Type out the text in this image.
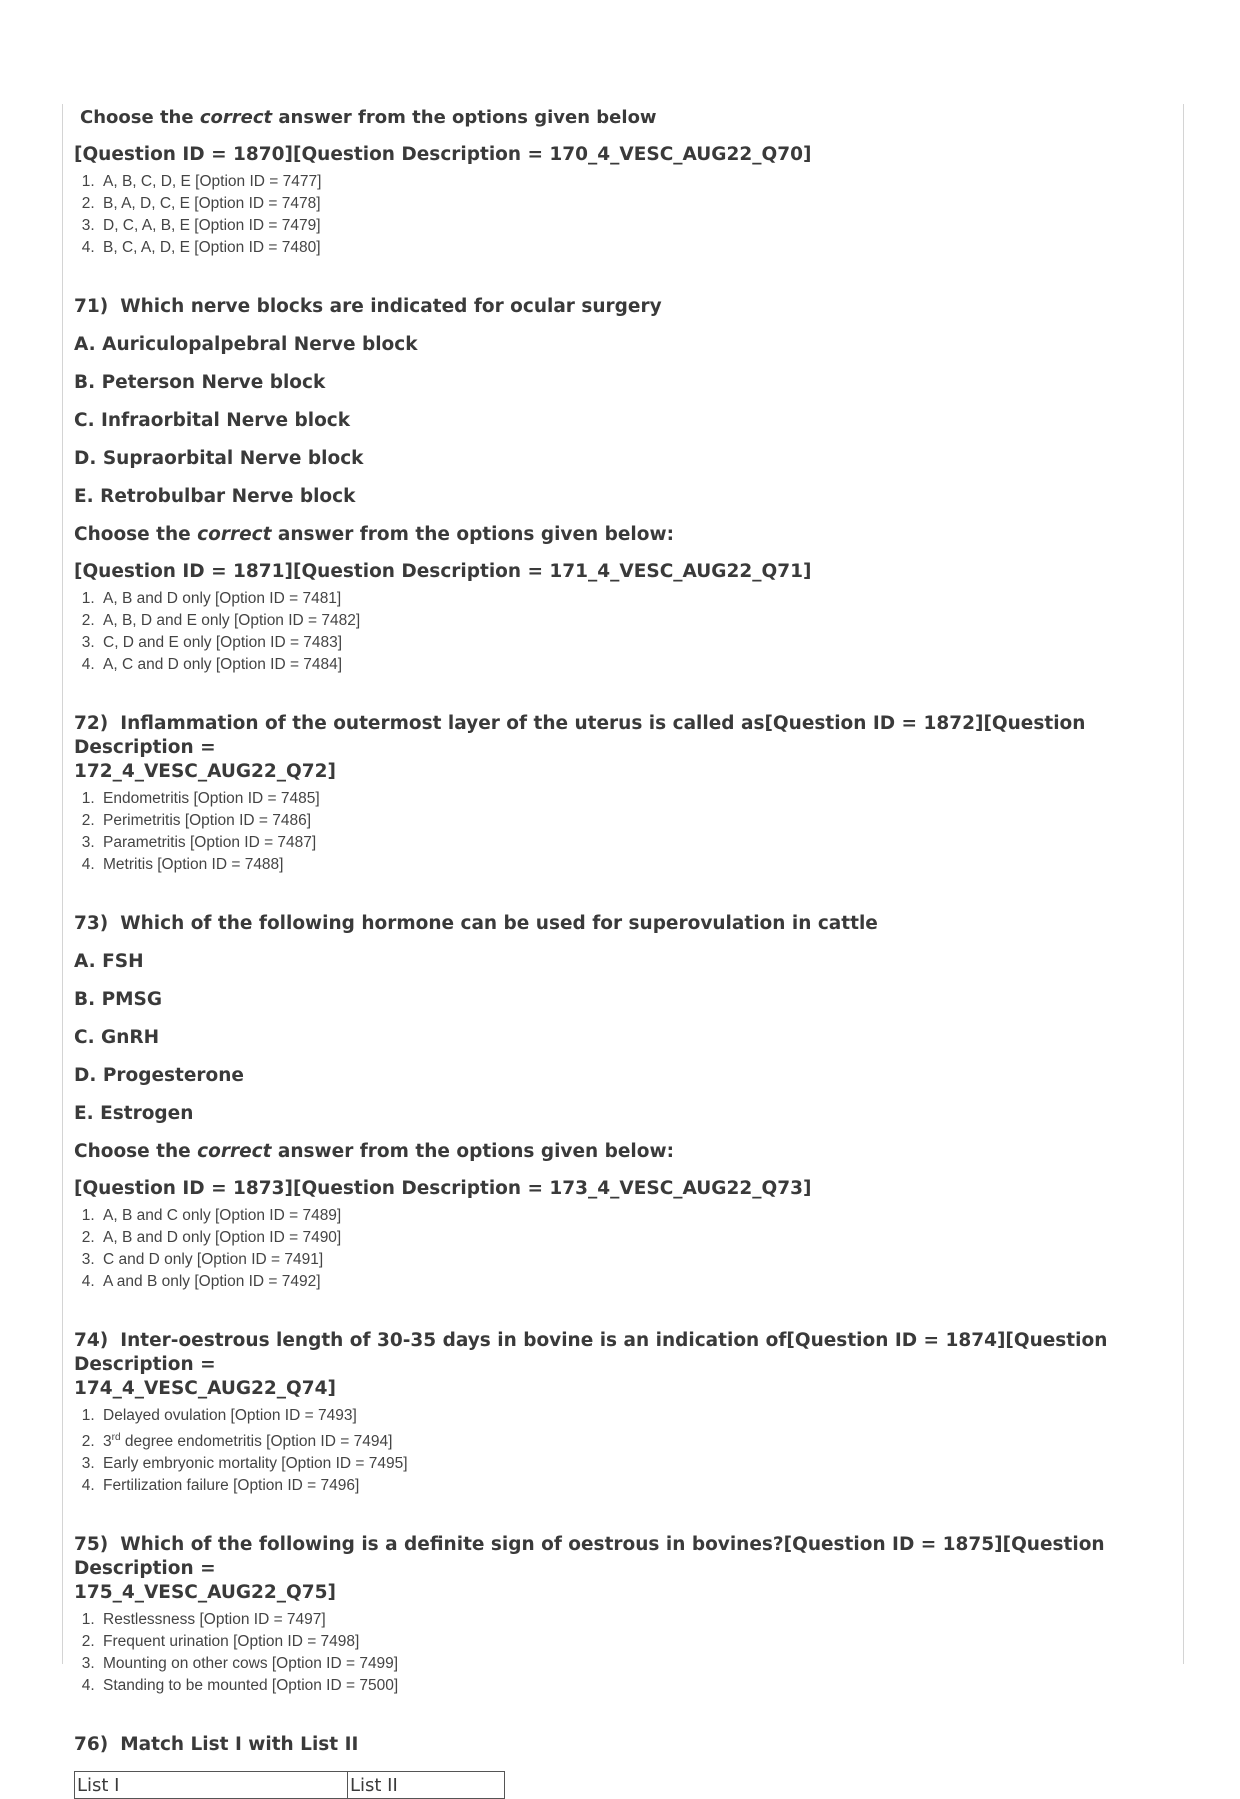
Choose the correct answer from the options given below
[Question ID = 1870][Question Description = 170_4_VESC_AUG22_Q70]
1. A, B, C, D, E [Option ID = 7477]
2. B, A, D, C, E [Option ID = 7478]
3. D, C, A, B, E [Option ID = 7479]
4. B, C, A, D, E [Option ID = 7480]
71) Which nerve blocks are indicated for ocular surgery
A. Auriculopalpebral Nerve block
B. Peterson Nerve block
C. Infraorbital Nerve block
D. Supraorbital Nerve block
E. Retrobulbar Nerve block
Choose the correct answer from the options given below:
[Question ID = 1871][Question Description = 171_4_VESC_AUG22_Q71]
1. A, B and D only [Option ID = 7481]
2. A, B, D and E only [Option ID = 7482]
3. C, D and E only [Option ID = 7483]
4. A, C and D only [Option ID = 7484]
72) Inflammation of the outermost layer of the uterus is called as[Question ID = 1872][Question Description =
172_4_VESC_AUG22_Q72]
1. Endometritis [Option ID = 7485]
2. Perimetritis [Option ID = 7486]
3. Parametritis [Option ID = 7487]
4. Metritis [Option ID = 7488]
73) Which of the following hormone can be used for superovulation in cattle
A. FSH
B. PMSG
C. GnRH
D. Progesterone
E. Estrogen
Choose the correct answer from the options given below:
[Question ID = 1873][Question Description = 173_4_VESC_AUG22_Q73]
1. A, B and C only [Option ID = 7489]
2. A, B and D only [Option ID = 7490]
3. C and D only [Option ID = 7491]
4. A and B only [Option ID = 7492]
74) Inter-oestrous length of 30-35 days in bovine is an indication of[Question ID = 1874][Question Description =
174_4_VESC_AUG22_Q74]
1. Delayed ovulation [Option ID = 7493]
2. 3rd degree endometritis [Option ID = 7494]
3. Early embryonic mortality [Option ID = 7495]
4. Fertilization failure [Option ID = 7496]
75) Which of the following is a definite sign of oestrous in bovines?[Question ID = 1875][Question Description =
175_4_VESC_AUG22_Q75]
1. Restlessness [Option ID = 7497]
2. Frequent urination [Option ID = 7498]
3. Mounting on other cows [Option ID = 7499]
4. Standing to be mounted [Option ID = 7500]
76) Match List I with List II
List I	List II
